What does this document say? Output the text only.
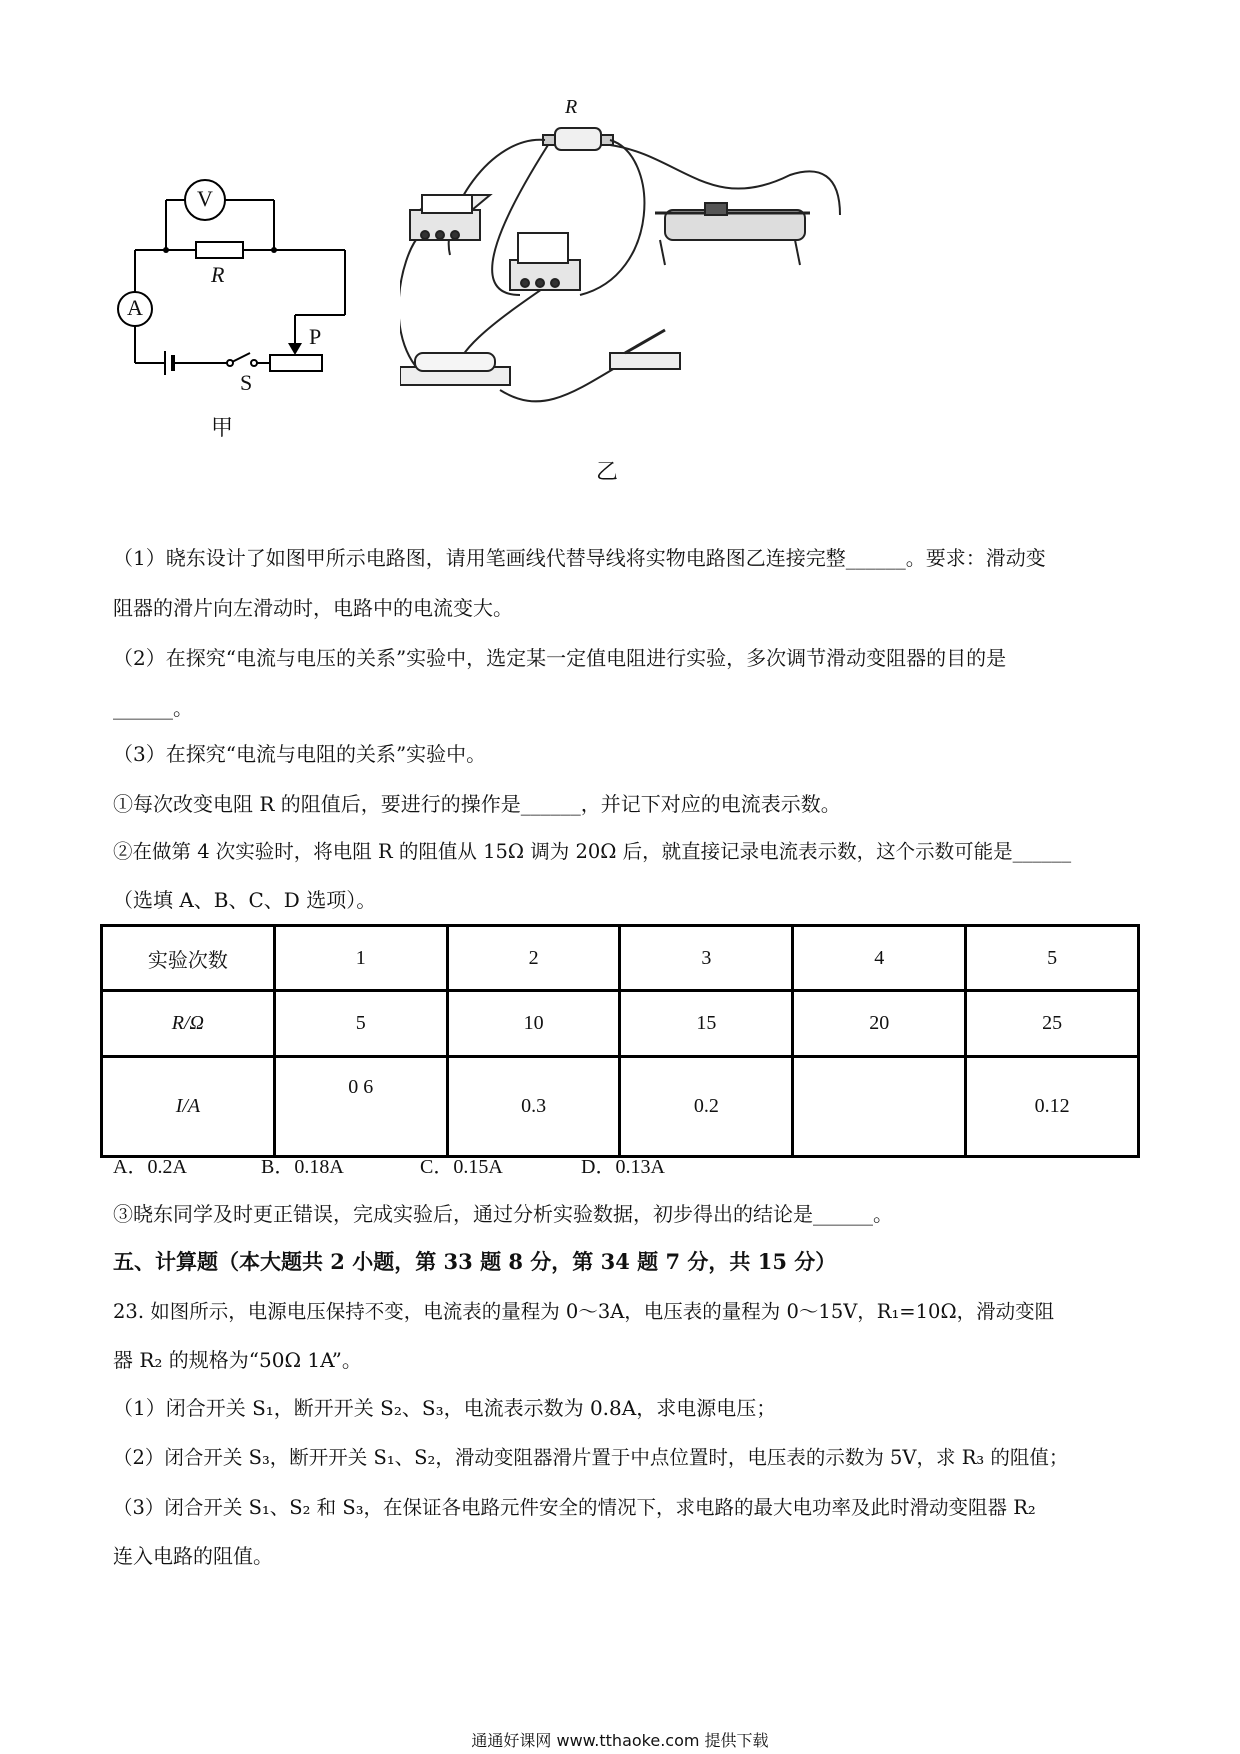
V
A
R
P
S
甲
R
乙
（1）晓东设计了如图甲所示电路图，请用笔画线代替导线将实物电路图乙连接完整______。要求：滑动变
阻器的滑片向左滑动时，电路中的电流变大。
（2）在探究“电流与电压的关系”实验中，选定某一定值电阻进行实验，多次调节滑动变阻器的目的是
______。
（3）在探究“电流与电阻的关系”实验中。
①每次改变电阻 R 的阻值后，要进行的操作是______，并记下对应的电流表示数。
②在做第 4 次实验时，将电阻 R 的阻值从 15Ω 调为 20Ω 后，就直接记录电流表示数，这个示数可能是______
（选填 A、B、C、D 选项）。
实验次数	1	2	3	4	5
R/Ω	5	10	15	20	25
I/A	0 6	0.3	0.2		0.12
A．0.2A	B．0.18A	C．0.15A	D．0.13A
③晓东同学及时更正错误，完成实验后，通过分析实验数据，初步得出的结论是______。
五、计算题（本大题共 2 小题，第 33 题 8 分，第 34 题 7 分，共 15 分）
23. 如图所示，电源电压保持不变，电流表的量程为 0～3A，电压表的量程为 0～15V，R₁=10Ω，滑动变阻
器 R₂ 的规格为“50Ω 1A”。
（1）闭合开关 S₁，断开开关 S₂、S₃，电流表示数为 0.8A，求电源电压；
（2）闭合开关 S₃，断开开关 S₁、S₂，滑动变阻器滑片置于中点位置时，电压表的示数为 5V，求 R₃ 的阻值；
（3）闭合开关 S₁、S₂ 和 S₃，在保证各电路元件安全的情况下，求电路的最大电功率及此时滑动变阻器 R₂
连入电路的阻值。
通通好课网 www.tthaoke.com 提供下载
